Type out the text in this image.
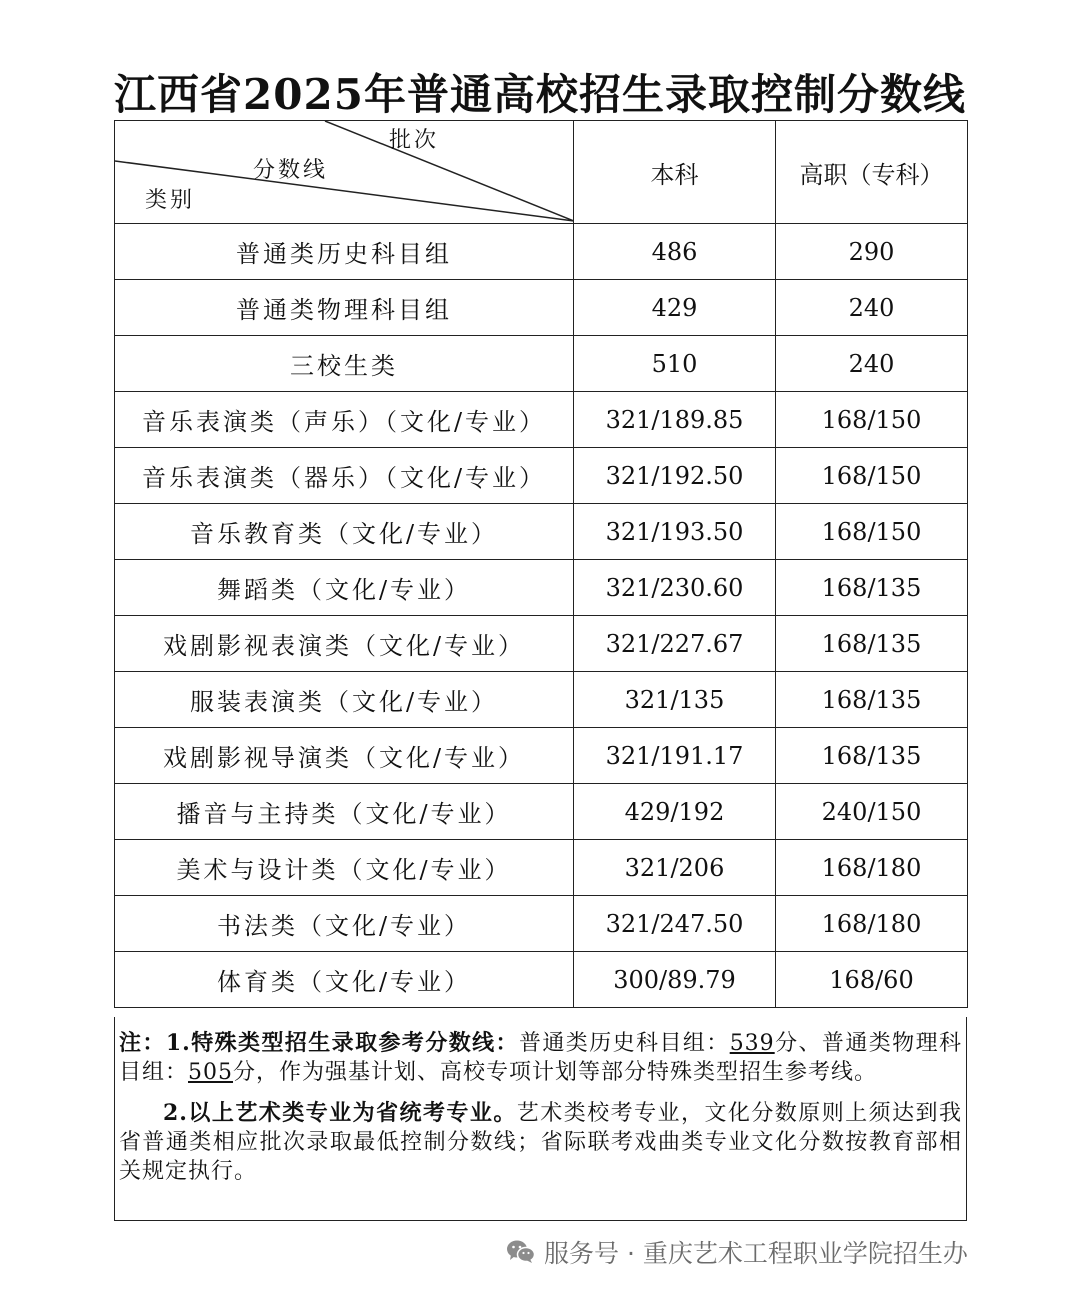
江西省2025年普通高校招生录取控制分数线
批次
分数线
类别	本科	高职（专科）
普通类历史科目组	486	290
普通类物理科目组	429	240
三校生类	510	240
音乐表演类（声乐）（文化/专业）	321/189.85	168/150
音乐表演类（器乐）（文化/专业）	321/192.50	168/150
音乐教育类（文化/专业）	321/193.50	168/150
舞蹈类（文化/专业）	321/230.60	168/135
戏剧影视表演类（文化/专业）	321/227.67	168/135
服装表演类（文化/专业）	321/135	168/135
戏剧影视导演类（文化/专业）	321/191.17	168/135
播音与主持类（文化/专业）	429/192	240/150
美术与设计类（文化/专业）	321/206	168/180
书法类（文化/专业）	321/247.50	168/180
体育类（文化/专业）	300/89.79	168/60

注：1.特殊类型招生录取参考分数线：普通类历史科目组：539分、普通类物理科目组：505分，作为强基计划、高校专项计划等部分特殊类型招生参考线。

2.以上艺术类专业为省统考专业。艺术类校考专业，文化分数原则上须达到我省普通类相应批次录取最低控制分数线；省际联考戏曲类专业文化分数按教育部相关规定执行。

服务号 · 重庆艺术工程职业学院招生办
